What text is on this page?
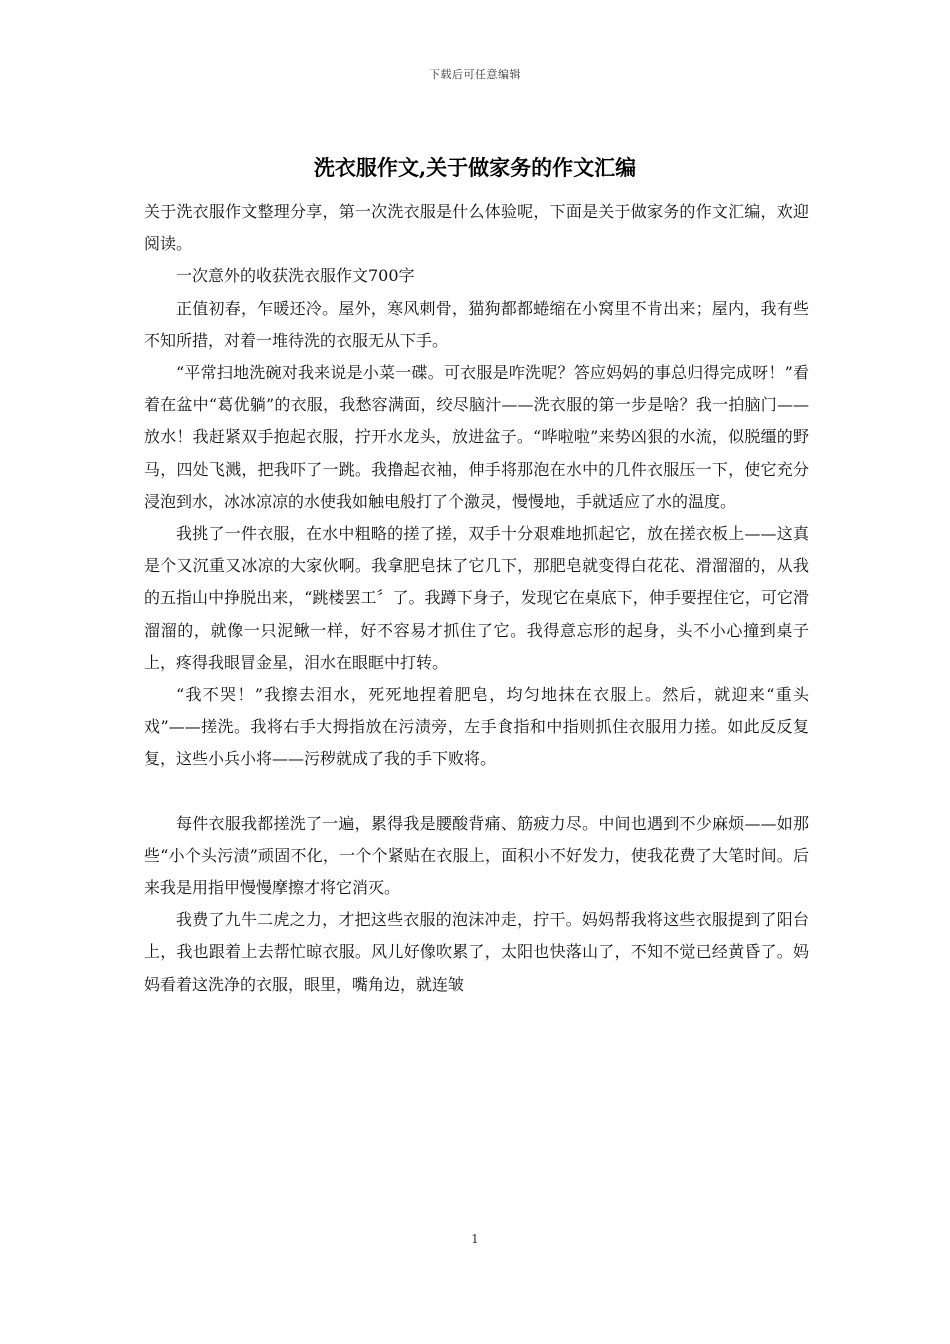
下载后可任意编辑
洗衣服作文,关于做家务的作文汇编

关于洗衣服作文整理分享，第一次洗衣服是什么体验呢，下面是关于做家务的作文汇编，欢迎阅读。

一次意外的收获洗衣服作文700字

正值初春，乍暖还冷。屋外，寒风刺骨，猫狗都都蜷缩在小窝里不肯出来；屋内，我有些不知所措，对着一堆待洗的衣服无从下手。

“平常扫地洗碗对我来说是小菜一碟。可衣服是咋洗呢？答应妈妈的事总归得完成呀！”看着在盆中“葛优躺”的衣服，我愁容满面，绞尽脑汁——洗衣服的第一步是啥？我一拍脑门——放水！我赶紧双手抱起衣服，拧开水龙头，放进盆子。“哗啦啦”来势凶狠的水流，似脱缰的野马，四处飞溅，把我吓了一跳。我撸起衣袖，伸手将那泡在水中的几件衣服压一下，使它充分浸泡到水，冰冰凉凉的水使我如触电般打了个激灵，慢慢地，手就适应了水的温度。

我挑了一件衣服，在水中粗略的搓了搓，双手十分艰难地抓起它，放在搓衣板上——这真是个又沉重又冰凉的大家伙啊。我拿肥皂抹了它几下，那肥皂就变得白花花、滑溜溜的，从我的五指山中挣脱出来，“跳楼罢工〞了。我蹲下身子，发现它在桌底下，伸手要捏住它，可它滑溜溜的，就像一只泥鳅一样，好不容易才抓住了它。我得意忘形的起身，头不小心撞到桌子上，疼得我眼冒金星，泪水在眼眶中打转。

“我不哭！”我擦去泪水，死死地捏着肥皂，均匀地抹在衣服上。然后，就迎来“重头戏”——搓洗。我将右手大拇指放在污渍旁，左手食指和中指则抓住衣服用力搓。如此反反复复，这些小兵小将——污秽就成了我的手下败将。

每件衣服我都搓洗了一遍，累得我是腰酸背痛、筋疲力尽。中间也遇到不少麻烦——如那些“小个头污渍”顽固不化，一个个紧贴在衣服上，面积小不好发力，使我花费了大笔时间。后来我是用指甲慢慢摩擦才将它消灭。

我费了九牛二虎之力，才把这些衣服的泡沫冲走，拧干。妈妈帮我将这些衣服提到了阳台上，我也跟着上去帮忙晾衣服。风儿好像吹累了，太阳也快落山了，不知不觉已经黄昏了。妈妈看着这洗净的衣服，眼里，嘴角边，就连皱

1
